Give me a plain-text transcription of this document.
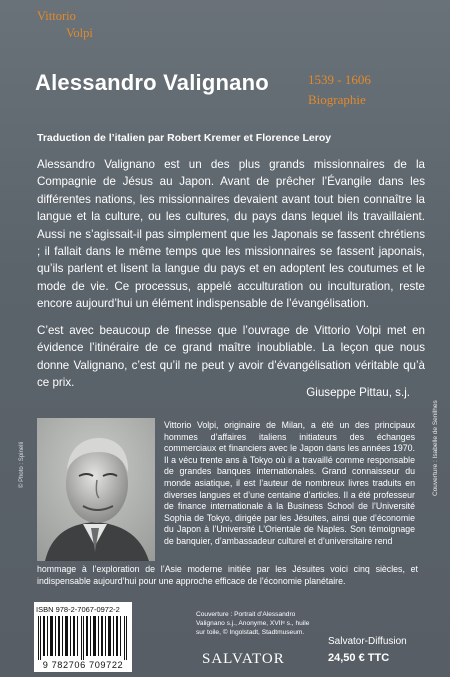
Vittorio
Volpi
Alessandro Valignano	1539 - 1606
Biographie
Traduction de l’italien par Robert Kremer et Florence Leroy

Alessandro Valignano est un des plus grands missionnaires de la Compagnie de Jésus au Japon. Avant de prêcher l’Évangile dans les différentes nations, les missionnaires devaient avant tout bien connaître la langue et la culture, ou les cultures, du pays dans lequel ils travaillaient. Aussi ne s’agissait-il pas simplement que les Japonais se fassent chrétiens ; il fallait dans le même temps que les missionnaires se fassent japonais, qu’ils parlent et lisent la langue du pays et en adoptent les coutumes et le mode de vie. Ce processus, appelé acculturation ou inculturation, reste encore aujourd’hui un élément indispensable de l’évangélisation.

C’est avec beaucoup de finesse que l’ouvrage de Vittorio Volpi met en évidence l’itinéraire de ce grand maître inoubliable. La leçon que nous donne Valignano, c’est qu’il ne peut y avoir d’évangélisation véritable qu’à ce prix.

Giuseppe Pittau, s.j.
© Photo : Spinelli

Vittorio Volpi, originaire de Milan, a été un des principaux hommes d’affaires italiens initiateurs des échanges commerciaux et financiers avec le Japon dans les années 1970. Il a vécu trente ans à Tokyo où il a travaillé comme responsable de grandes banques internationales. Grand connaisseur du monde asiatique, il est l’auteur de nombreux livres traduits en diverses langues et d’une centaine d’articles. Il a été professeur de finance internationale à la Business School de l’Université Sophia de Tokyo, dirigée par les Jésuites, ainsi que d’économie du Japon à l’Université L’Orientale de Naples. Son témoignage de banquier, d’ambassadeur culturel et d’universitaire rend

hommage à l’exploration de l’Asie moderne initiée par les Jésuites voici cinq siècles, et indispensable aujourd’hui pour une approche efficace de l’économie planétaire.

Couverture : Isabelle de Senilhes
ISBN 978-2-7067-0972-2
9 782706 709722
Couverture : Portrait d’Alessandro Valignano s.j., Anonyme, XVIIᵉ s., huile sur toile, © Ingolstadt, Stadtmuseum.
SALVATOR
Salvator-Diffusion
24,50 € TTC
